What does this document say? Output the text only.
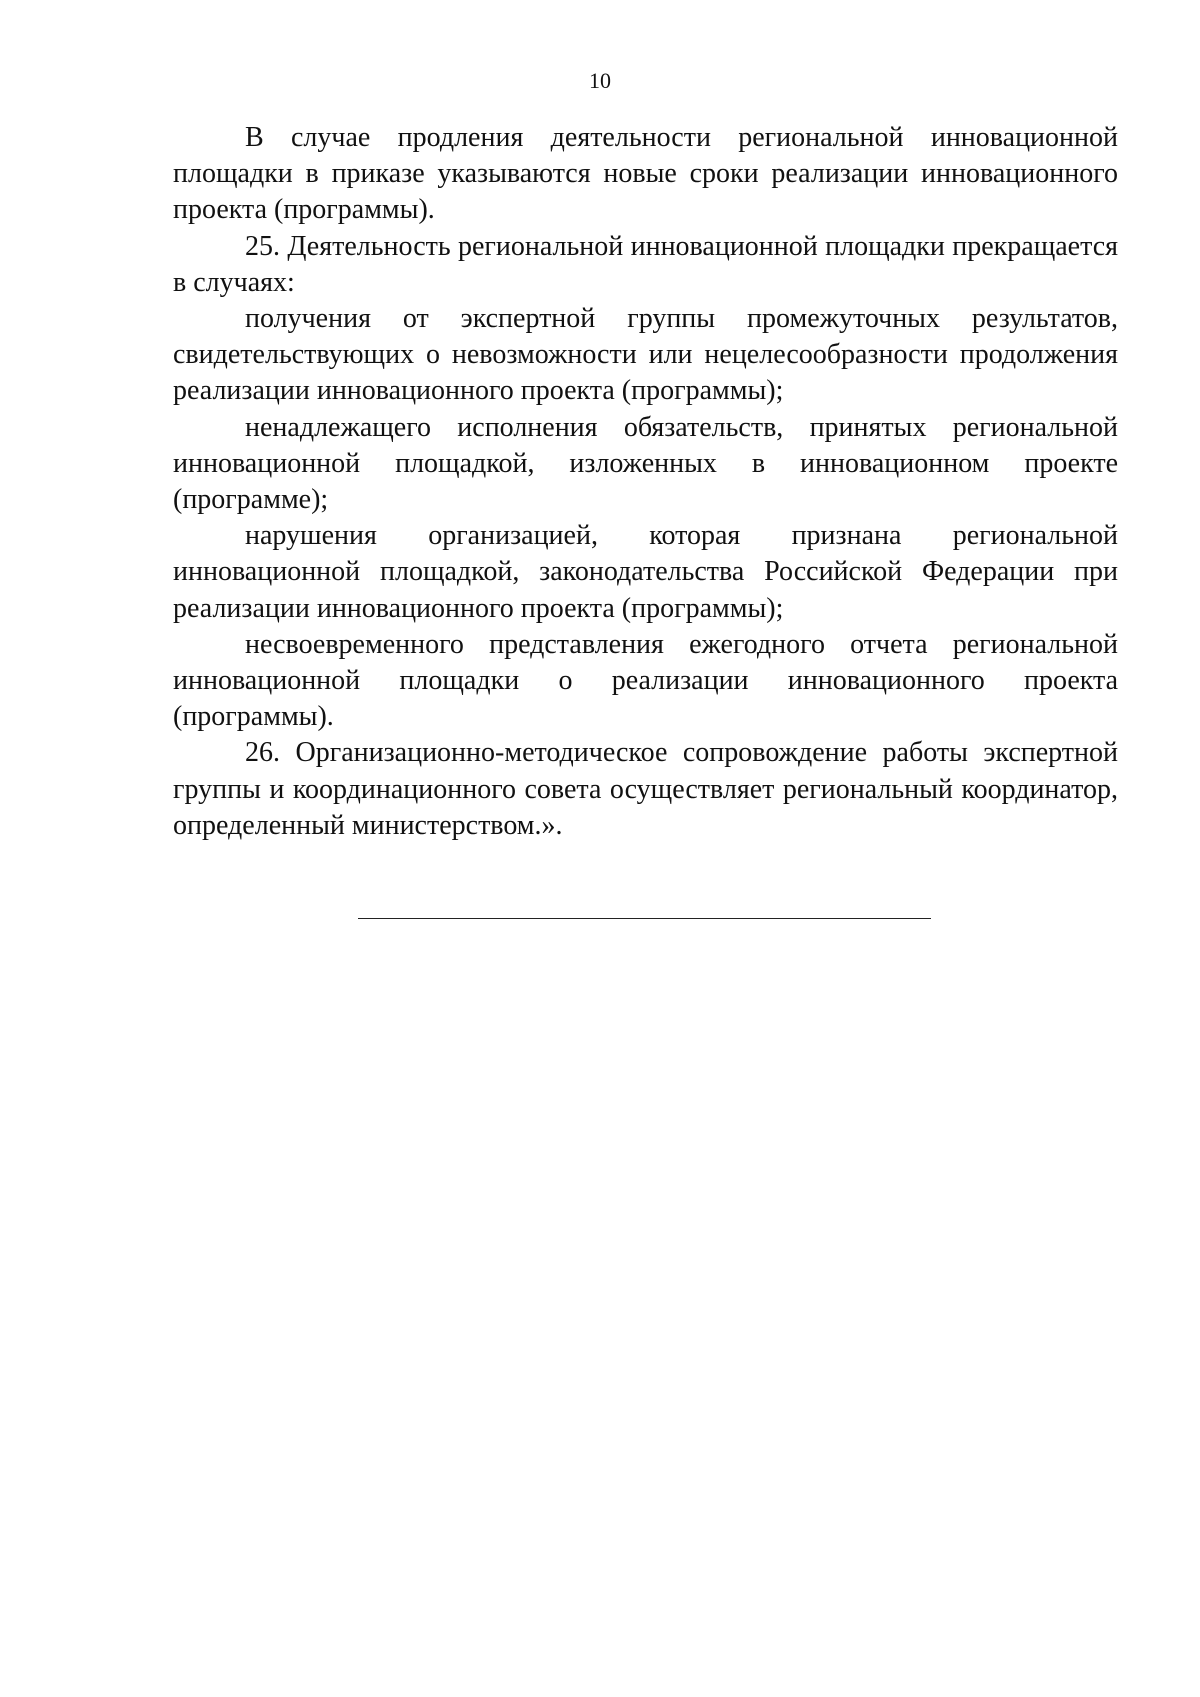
10

В случае продления деятельности региональной инновационной площадки в приказе указываются новые сроки реализации инновационного проекта (программы).

25. Деятельность региональной инновационной площадки прекращается в случаях:

получения от экспертной группы промежуточных результатов, свидетельствующих о невозможности или нецелесообразности продолжения реализации инновационного проекта (программы);

ненадлежащего исполнения обязательств, принятых региональной инновационной площадкой, изложенных в инновационном проекте (программе);

нарушения организацией, которая признана региональной инновационной площадкой, законодательства Российской Федерации при реализации инновационного проекта (программы);

несвоевременного представления ежегодного отчета региональной инновационной площадки о реализации инновационного проекта (программы).

26. Организационно-методическое сопровождение работы экспертной группы и координационного совета осуществляет региональный координатор, определенный министерством.».
